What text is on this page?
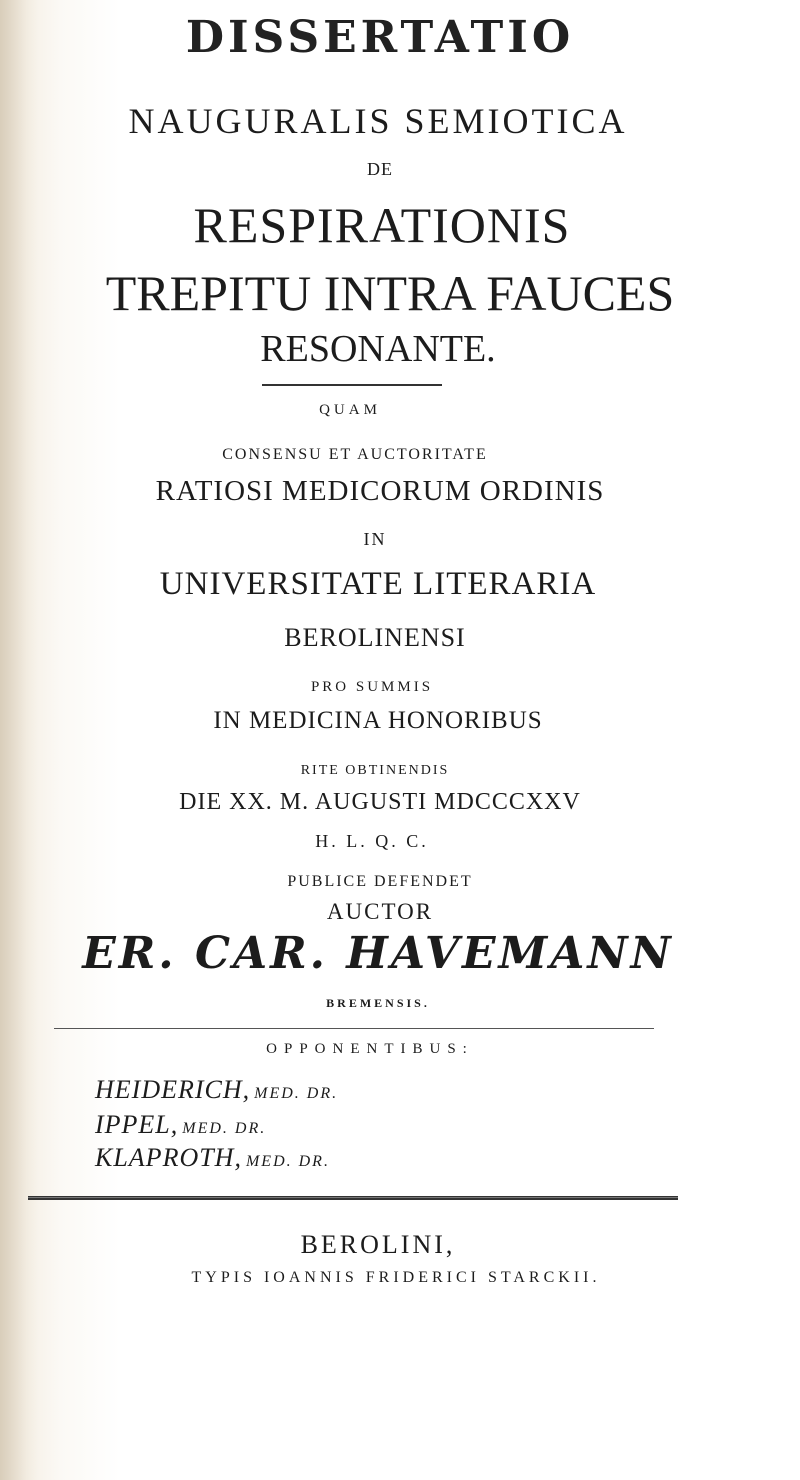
DISSERTATIO
NAUGURALIS SEMIOTICA
DE
RESPIRATIONIS
TREPITU INTRA FAUCES
RESONANTE.
QUAM
CONSENSU ET AUCTORITATE
RATIOSI MEDICORUM ORDINIS
IN
UNIVERSITATE LITERARIA
BEROLINENSI
PRO SUMMIS
IN MEDICINA HONORIBUS
RITE OBTINENDIS
DIE XX. M. AUGUSTI MDCCCXXV
H. L. Q. C.
PUBLICE DEFENDET
AUCTOR
ER. CAR. HAVEMANN
BREMENSIS.
OPPONENTIBUS:
HEIDERICH, MED. DR.
IPPEL, MED. DR.
KLAPROTH, MED. DR.
BEROLINI,
TYPIS IOANNIS FRIDERICI STARCKII.
